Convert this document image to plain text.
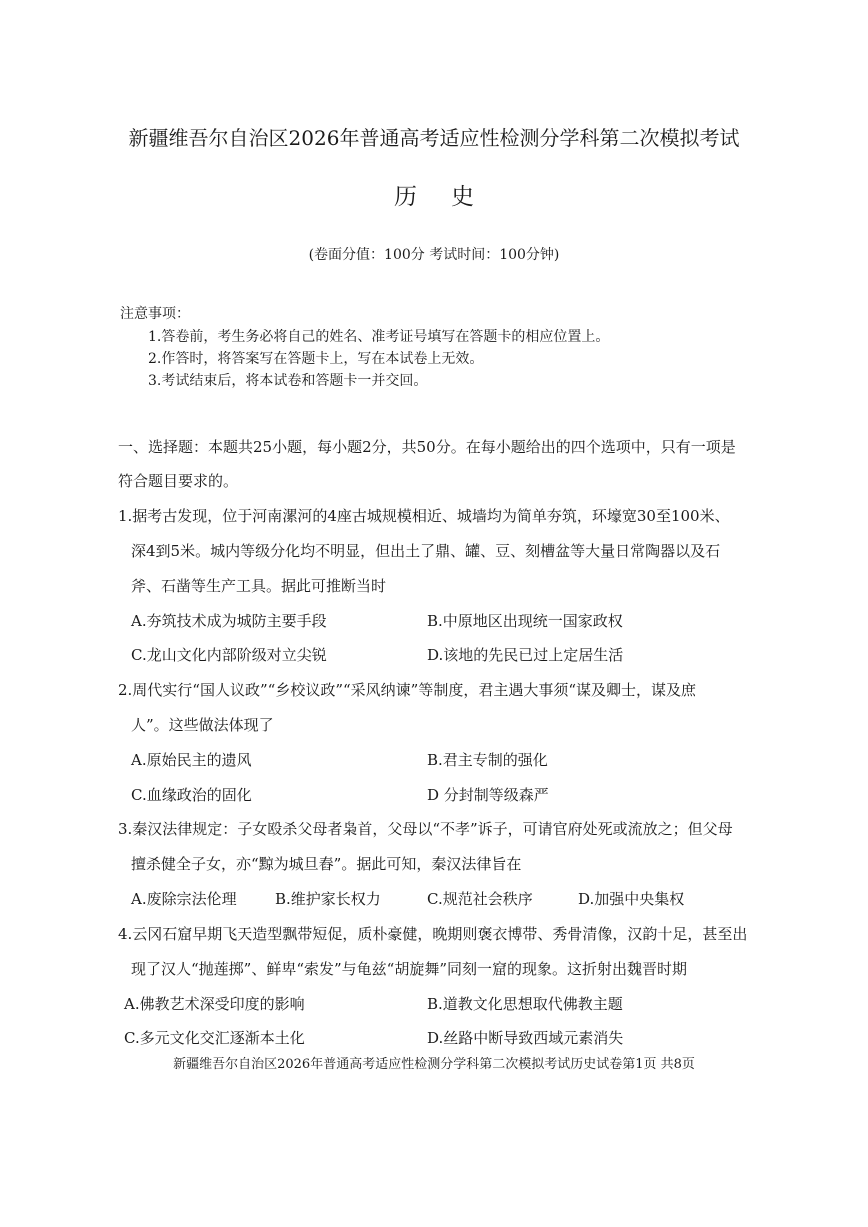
新疆维吾尔自治区2026年普通高考适应性检测分学科第二次模拟考试
历史
(卷面分值：100分 考试时间：100分钟)
注意事项：
1.答卷前，考生务必将自己的姓名、准考证号填写在答题卡的相应位置上。
2.作答时，将答案写在答题卡上，写在本试卷上无效。
3.考试结束后，将本试卷和答题卡一并交回。
一、选择题：本题共25小题，每小题2分，共50分。在每小题给出的四个选项中，只有一项是
符合题目要求的。
1.据考古发现，位于河南漯河的4座古城规模相近、城墙均为简单夯筑，环壕宽30至100米、
深4到5米。城内等级分化均不明显，但出土了鼎、罐、豆、刻槽盆等大量日常陶器以及石
斧、石凿等生产工具。据此可推断当时
A.夯筑技术成为城防主要手段	B.中原地区出现统一国家政权
C.龙山文化内部阶级对立尖锐	D.该地的先民已过上定居生活
2.周代实行“国人议政”“乡校议政”“采风纳谏”等制度，君主遇大事须“谋及卿士，谋及庶
人”。这些做法体现了
A.原始民主的遗风	B.君主专制的强化
C.血缘政治的固化	D 分封制等级森严
3.秦汉法律规定：子女殴杀父母者枭首，父母以“不孝”诉子，可请官府处死或流放之；但父母
擅杀健全子女，亦“黥为城旦舂”。据此可知，秦汉法律旨在
A.废除宗法伦理	B.维护家长权力	C.规范社会秩序	D.加强中央集权
4.云冈石窟早期飞天造型飘带短促，质朴豪健，晚期则褒衣博带、秀骨清像，汉韵十足，甚至出
现了汉人“抛莲掷”、鲜卑“索发”与龟兹“胡旋舞”同刻一窟的现象。这折射出魏晋时期
A.佛教艺术深受印度的影响	B.道教文化思想取代佛教主题
C.多元文化交汇逐渐本土化	D.丝路中断导致西域元素消失
新疆维吾尔自治区2026年普通高考适应性检测分学科第二次模拟考试历史试卷第1页 共8页
